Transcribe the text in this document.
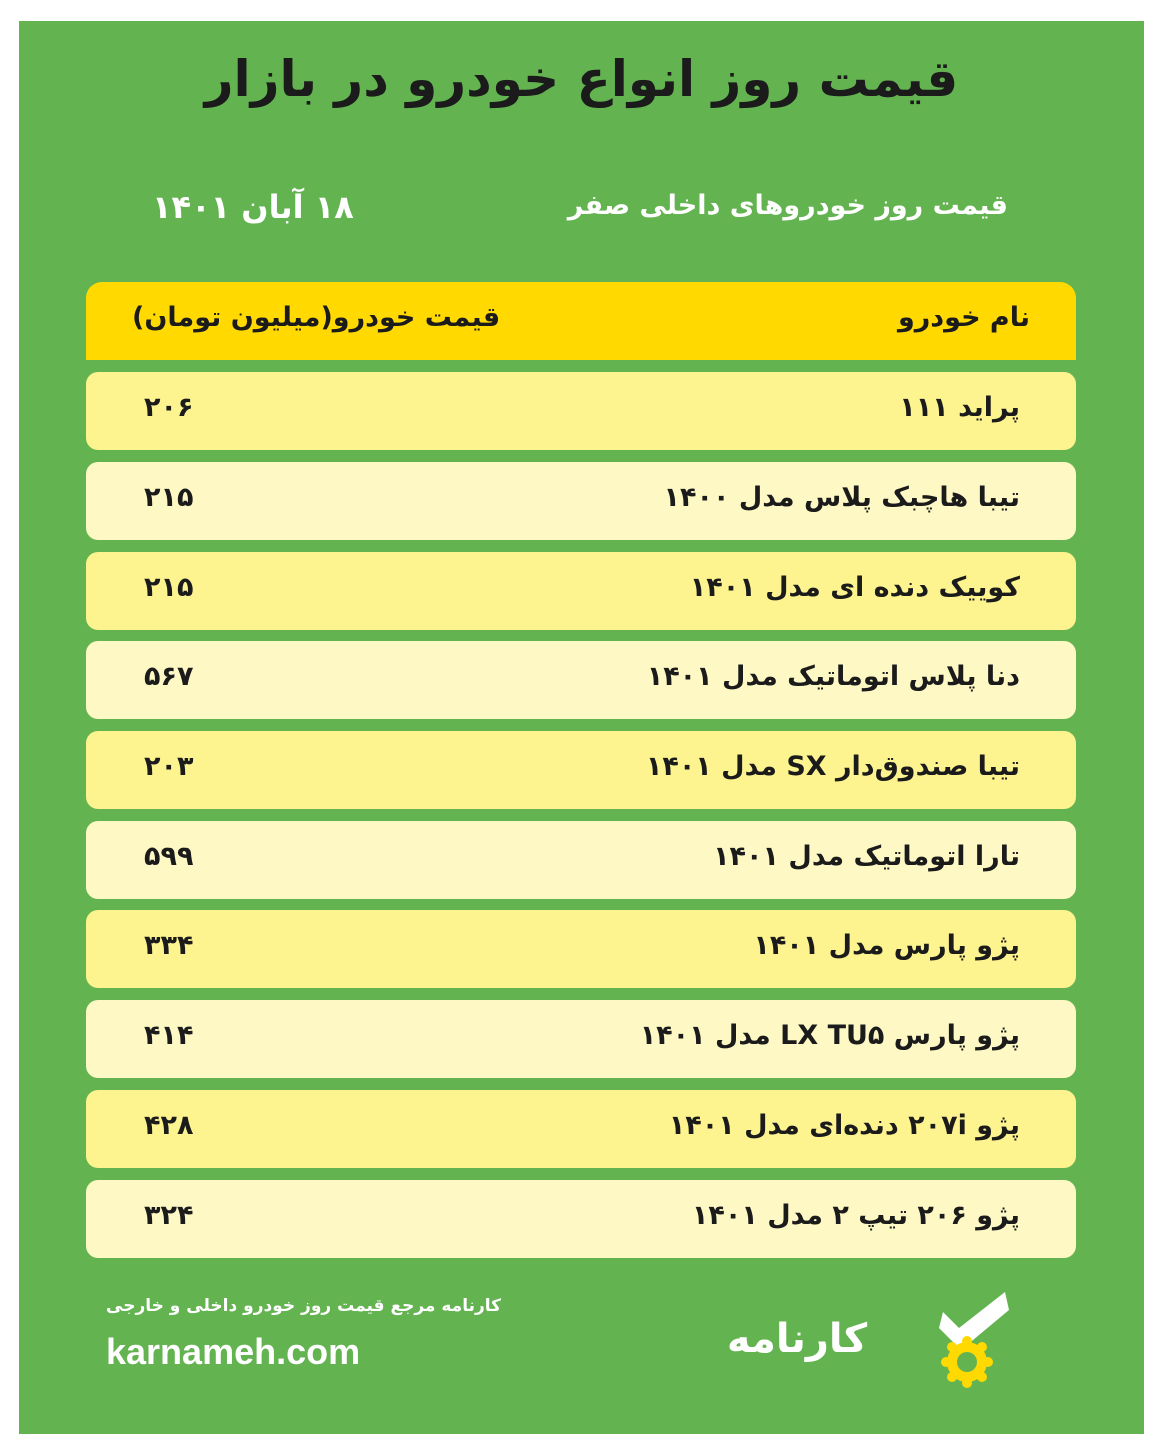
قیمت روز انواع خودرو در بازار
قیمت روز خودروهای داخلی صفر
۱۸ آبان ۱۴۰۱
نام خودرو
قیمت خودرو(میلیون تومان)
پراید ۱۱۱
۲۰۶
تیبا هاچبک پلاس مدل ۱۴۰۰
۲۱۵
کوییک دنده ای مدل ۱۴۰۱
۲۱۵
دنا پلاس اتوماتیک مدل ۱۴۰۱
۵۶۷
تیبا صندوق‌دار SX مدل ۱۴۰۱
۲۰۳
تارا اتوماتیک مدل ۱۴۰۱
۵۹۹
پژو پارس مدل ۱۴۰۱
۳۳۴
پژو پارس LX TU۵ مدل ۱۴۰۱
۴۱۴
پژو ۲۰۷i دنده‌ای مدل ۱۴۰۱
۴۲۸
پژو ۲۰۶ تیپ ۲ مدل ۱۴۰۱
۳۲۴
کارنامه مرجع قیمت روز خودرو داخلی و خارجی
karnameh.com	کارنامه
